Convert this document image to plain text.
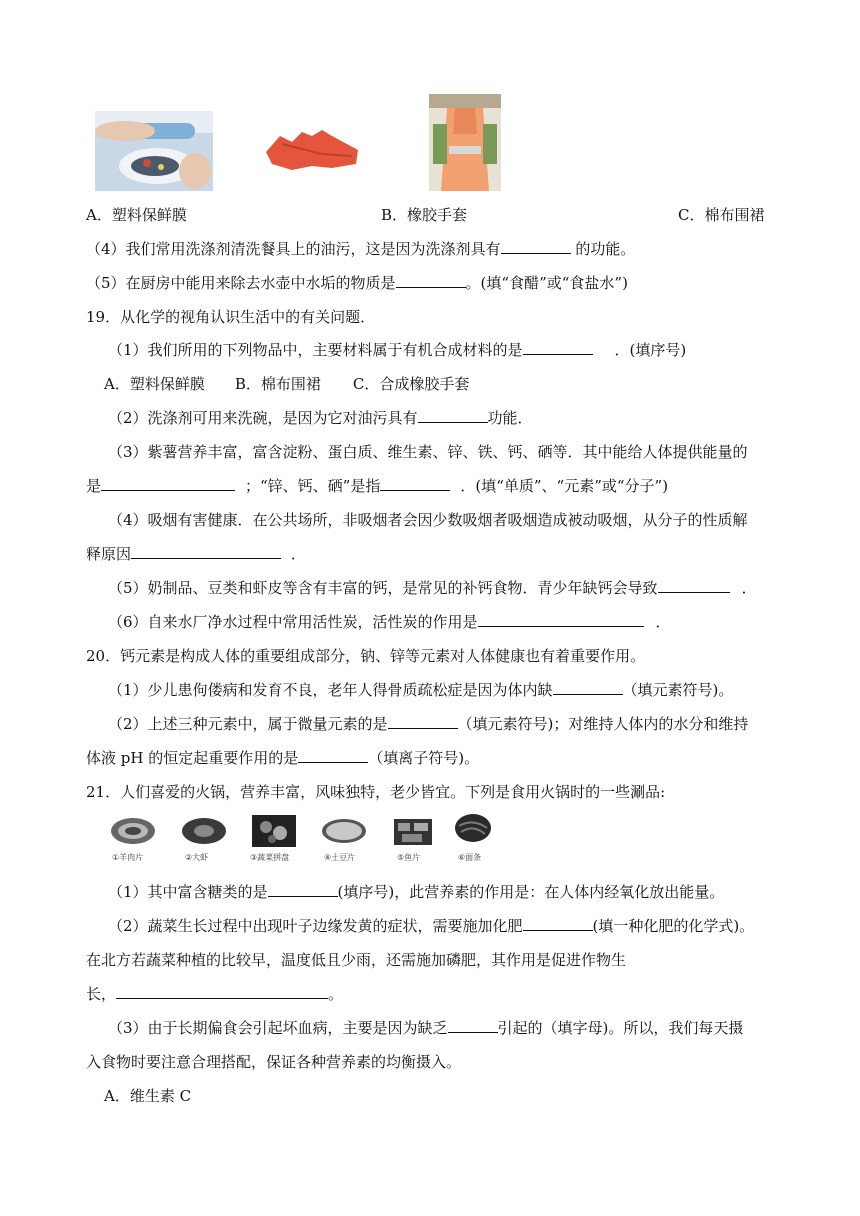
A．塑料保鲜膜	B．橡胶手套	C．棉布围裙
（4）我们常用洗涤剂清洗餐具上的油污，这是因为洗涤剂具有	的功能。
（5）在厨房中能用来除去水壶中水垢的物质是	。(填“食醋”或“食盐水”)
19．从化学的视角认识生活中的有关问题．
（1）我们所用的下列物品中，主要材料属于有机合成材料的是	．(填序号)
A．塑料保鲜膜 B．棉布围裙 C．合成橡胶手套
（2）洗涤剂可用来洗碗，是因为它对油污具有	功能．
（3）紫薯营养丰富，富含淀粉、蛋白质、维生素、锌、铁、钙、硒等．其中能给人体提供能量的
是	；“锌、钙、硒”是指	．(填“单质”、“元素”或“分子”)
（4）吸烟有害健康．在公共场所，非吸烟者会因少数吸烟者吸烟造成被动吸烟，从分子的性质解
释原因	．
（5）奶制品、豆类和虾皮等含有丰富的钙，是常见的补钙食物．青少年缺钙会导致	．
（6）自来水厂净水过程中常用活性炭，活性炭的作用是	．
20．钙元素是构成人体的重要组成部分，钠、锌等元素对人体健康也有着重要作用。
（1）少儿患佝偻病和发育不良，老年人得骨质疏松症是因为体内缺	（填元素符号)。
（2）上述三种元素中，属于微量元素的是	（填元素符号)；对维持人体内的水分和维持
体液 pH 的恒定起重要作用的是	（填离子符号)。
21．人们喜爱的火锅，营养丰富，风味独特，老少皆宜。下列是食用火锅时的一些涮品:
①羊肉片	②大虾	③蔬菜拼盘	④土豆片	⑤鱼片	⑥面条
（1）其中富含糖类的是	(填序号)，此营养素的作用是：在人体内经氧化放出能量。
（2）蔬菜生长过程中出现叶子边缘发黄的症状，需要施加化肥	(填一种化肥的化学式)。
在北方若蔬菜种植的比较早，温度低且少雨，还需施加磷肥，其作用是促进作物生
长，	。
（3）由于长期偏食会引起坏血病，主要是因为缺乏	引起的（填字母)。所以，我们每天摄
入食物时要注意合理搭配，保证各种营养素的均衡摄入。
A．维生素 C
